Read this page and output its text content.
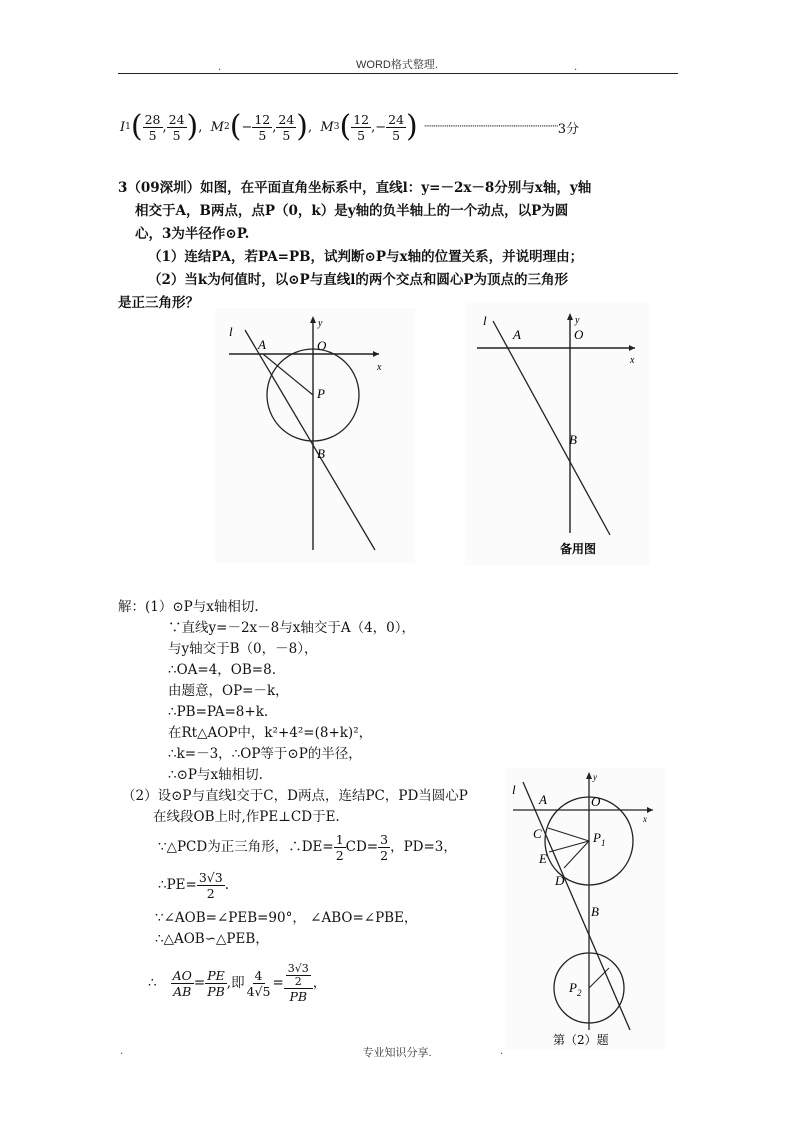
WORD格式整理.
.	.
I 1 ( $\frac{28}{5}$ , $\frac{24}{5}$ ) , M 2 ( − $\frac{12}{5}$ , $\frac{24}{5}$ ) , M 3 ( $\frac{12}{5}$ ,− $\frac{24}{5}$ ) ········································································ 3分
3（09深圳）如图，在平面直角坐标系中，直线l：y=－2x－8分别与x轴，y轴
相交于A，B两点，点P（0，k）是y轴的负半轴上的一个动点，以P为圆
心，3为半径作⊙P.
（1）连结PA，若PA=PB，试判断⊙P与x轴的位置关系，并说明理由；
（2）当k为何值时，以⊙P与直线l的两个交点和圆心P为顶点的三角形
是正三角形？
l
y
x
A	O
P
B
l	y
x
A	O
B
备用图
l
y
x
A	O
C	$P_1$
E
D
B
$P_2$
第（2）题
解：(1）⊙P与x轴相切.
∵直线y=－2x－8与x轴交于A（4，0），
与y轴交于B（0，－8），
∴OA=4，OB=8.
由题意，OP=－k，
∴PB=PA=8+k.
在Rt△AOP中，k²+4²=(8+k)²，
∴k=－3，∴OP等于⊙P的半径，
∴⊙P与x轴相切.
（2）设⊙P与直线l交于C，D两点，连结PC，PD当圆心P
在线段OB上时,作PE⊥CD于E.
∵△PCD为正三角形，∴DE= $\frac{1}{2} CD= \frac{3}{2}$ ，PD=3，
∴PE= $\frac{3√3}{2}$ .
∵∠AOB=∠PEB=90°， ∠ABO=∠PBE，
∴△AOB∽△PEB，
∴ $\frac{AO}{AB} = \frac{PE}{PB}$ ,即 $\frac{4}{4√5} = \frac{\frac{3√3}{2}}{PB}$ ，
专业知识分享.
.	.
